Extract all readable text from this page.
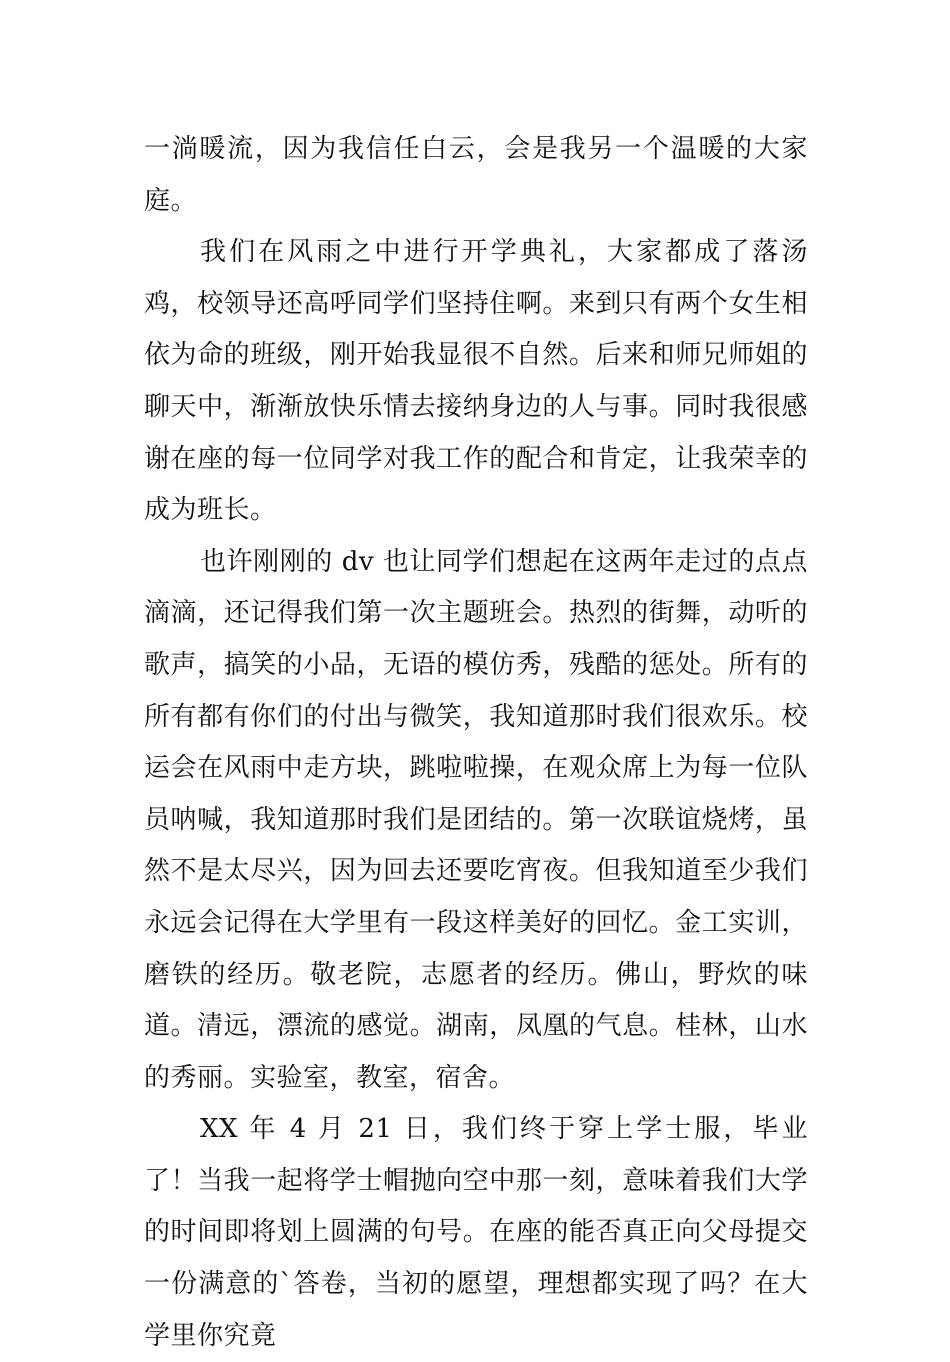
一淌暖流，因为我信任白云，会是我另一个温暖的大家庭。

我们在风雨之中进行开学典礼，大家都成了落汤鸡，校领导还高呼同学们坚持住啊。来到只有两个女生相依为命的班级，刚开始我显很不自然。后来和师兄师姐的聊天中，渐渐放快乐情去接纳身边的人与事。同时我很感谢在座的每一位同学对我工作的配合和肯定，让我荣幸的成为班长。

也许刚刚的 dv 也让同学们想起在这两年走过的点点滴滴，还记得我们第一次主题班会。热烈的街舞，动听的歌声，搞笑的小品，无语的模仿秀，残酷的惩处。所有的所有都有你们的付出与微笑，我知道那时我们很欢乐。校运会在风雨中走方块，跳啦啦操，在观众席上为每一位队员呐喊，我知道那时我们是团结的。第一次联谊烧烤，虽然不是太尽兴，因为回去还要吃宵夜。但我知道至少我们永远会记得在大学里有一段这样美好的回忆。金工实训，磨铁的经历。敬老院，志愿者的经历。佛山，野炊的味道。清远，漂流的感觉。湖南，凤凰的气息。桂林，山水的秀丽。实验室，教室，宿舍。

XX 年 4 月 21 日，我们终于穿上学士服，毕业了！当我一起将学士帽抛向空中那一刻，意味着我们大学的时间即将划上圆满的句号。在座的能否真正向父母提交一份满意的`答卷，当初的愿望，理想都实现了吗？在大学里你究竟
